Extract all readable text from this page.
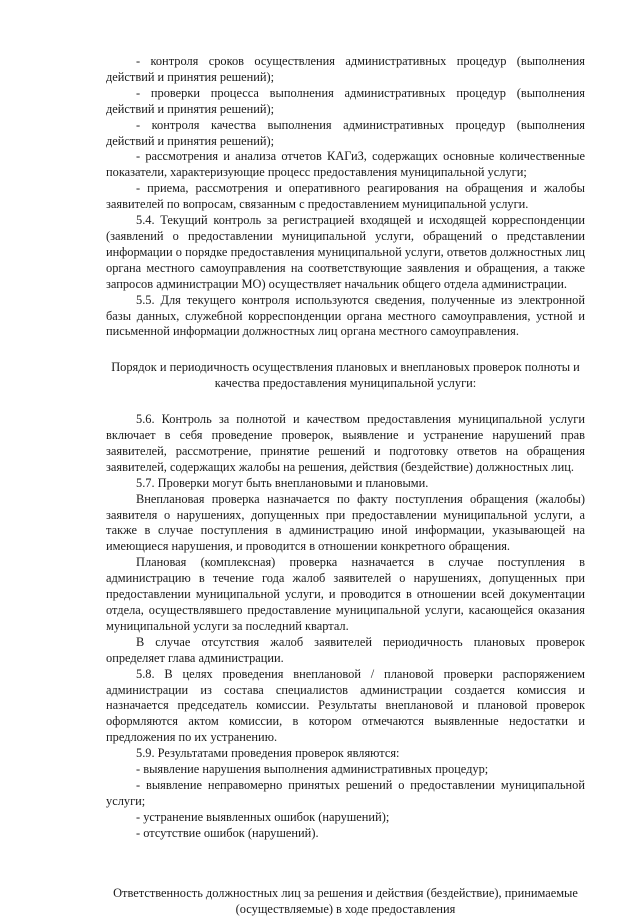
- контроля сроков осуществления административных процедур (выполнения действий и принятия решений);

- проверки процесса выполнения административных процедур (выполнения действий и принятия решений);

- контроля качества выполнения административных процедур (выполнения действий и принятия решений);

- рассмотрения и анализа отчетов КАГиЗ, содержащих основные количественные показатели, характеризующие процесс предоставления муниципальной услуги;

- приема, рассмотрения и оперативного реагирования на обращения и жалобы заявителей по вопросам, связанным с предоставлением муниципальной услуги.

5.4. Текущий контроль за регистрацией входящей и исходящей корреспонденции (заявлений о предоставлении муниципальной услуги, обращений о представлении информации о порядке предоставления муниципальной услуги, ответов должностных лиц органа местного самоуправления на соответствующие заявления и обращения, а также запросов администрации МО) осуществляет начальник общего отдела администрации.

5.5. Для текущего контроля используются сведения, полученные из электронной базы данных, служебной корреспонденции органа местного самоуправления, устной и письменной информации должностных лиц органа местного самоуправления.

Порядок и периодичность осуществления плановых и внеплановых проверок полноты и качества предоставления муниципальной услуги:

5.6. Контроль за полнотой и качеством предоставления муниципальной услуги включает в себя проведение проверок, выявление и устранение нарушений прав заявителей, рассмотрение, принятие решений и подготовку ответов на обращения заявителей, содержащих жалобы на решения, действия (бездействие) должностных лиц.

5.7. Проверки могут быть внеплановыми и плановыми.

Внеплановая проверка назначается по факту поступления обращения (жалобы) заявителя о нарушениях, допущенных при предоставлении муниципальной услуги, а также в случае поступления в администрацию иной информации, указывающей на имеющиеся нарушения, и проводится в отношении конкретного обращения.

Плановая (комплексная) проверка назначается в случае поступления в администрацию в течение года жалоб заявителей о нарушениях, допущенных при предоставлении муниципальной услуги, и проводится в отношении всей документации отдела, осуществлявшего предоставление муниципальной услуги, касающейся оказания муниципальной услуги за последний квартал.

В случае отсутствия жалоб заявителей периодичность плановых проверок определяет глава администрации.

5.8. В целях проведения внеплановой / плановой проверки распоряжением администрации из состава специалистов администрации создается комиссия и назначается председатель комиссии. Результаты внеплановой и плановой проверок оформляются актом комиссии, в котором отмечаются выявленные недостатки и предложения по их устранению.

5.9. Результатами проведения проверок являются:

- выявление нарушения выполнения административных процедур;

- выявление неправомерно принятых решений о предоставлении муниципальной услуги;

- устранение выявленных ошибок (нарушений);

- отсутствие ошибок (нарушений).

Ответственность должностных лиц за решения и действия (бездействие), принимаемые (осуществляемые) в ходе предоставления
